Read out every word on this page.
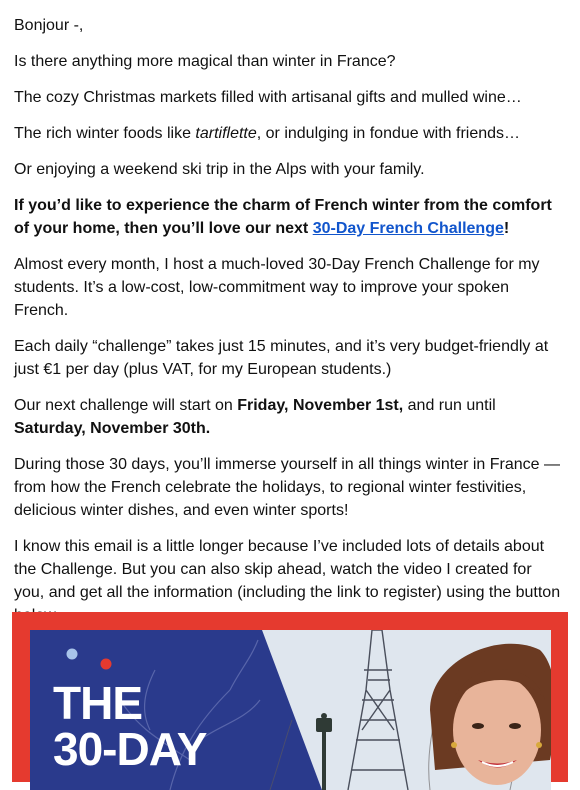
Bonjour -,

Is there anything more magical than winter in France?

The cozy Christmas markets filled with artisanal gifts and mulled wine…

The rich winter foods like tartiflette, or indulging in fondue with friends…

Or enjoying a weekend ski trip in the Alps with your family.

If you’d like to experience the charm of French winter from the comfort of your home, then you’ll love our next 30-Day French Challenge!

Almost every month, I host a much-loved 30-Day French Challenge for my students. It’s a low-cost, low-commitment way to improve your spoken French.

Each daily “challenge” takes just 15 minutes, and it’s very budget-friendly at just €1 per day (plus VAT, for my European students.)

Our next challenge will start on Friday, November 1st, and run until Saturday, November 30th.

During those 30 days, you’ll immerse yourself in all things winter in France — from how the French celebrate the holidays, to regional winter festivities, delicious winter dishes, and even winter sports!

I know this email is a little longer because I’ve included lots of details about the Challenge. But you can also skip ahead, watch the video I created for you, and get all the information (including the link to register) using the button

THE
30-DAY
